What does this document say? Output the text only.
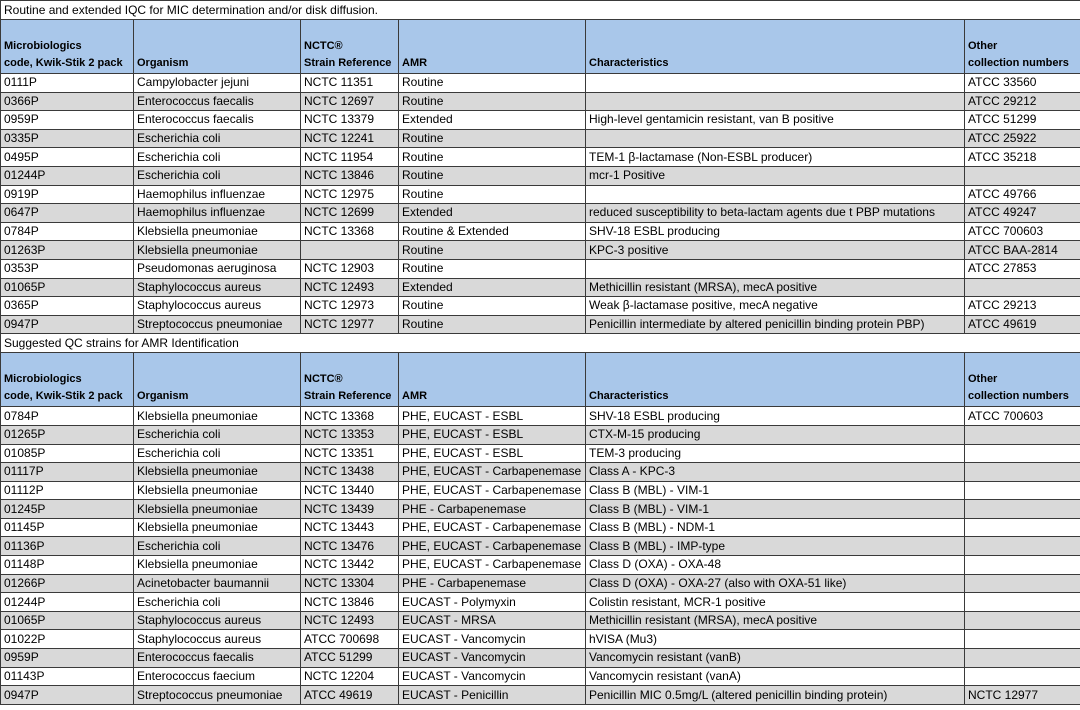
Routine and extended IQC for MIC determination and/or disk diffusion.					

Microbiologics
code, Kwik-Stik 2 pack	Organism	NCTC®
Strain Reference	AMR	Characteristics	Other
collection numbers

0111P	Campylobacter jejuni	NCTC 11351	Routine		ATCC 33560
0366P	Enterococcus faecalis	NCTC 12697	Routine		ATCC 29212
0959P	Enterococcus faecalis	NCTC 13379	Extended	High-level gentamicin resistant, van B positive	ATCC 51299
0335P	Escherichia coli	NCTC 12241	Routine		ATCC 25922
0495P	Escherichia coli	NCTC 11954	Routine	TEM-1 β-lactamase (Non-ESBL producer)	ATCC 35218
01244P	Escherichia coli	NCTC 13846	Routine	mcr-1 Positive	
0919P	Haemophilus influenzae	NCTC 12975	Routine		ATCC 49766
0647P	Haemophilus influenzae	NCTC 12699	Extended	reduced susceptibility to beta-lactam agents due t PBP mutations	ATCC 49247
0784P	Klebsiella pneumoniae	NCTC 13368	Routine & Extended	SHV-18 ESBL producing	ATCC 700603
01263P	Klebsiella pneumoniae		Routine	KPC-3 positive	ATCC BAA-2814
0353P	Pseudomonas aeruginosa	NCTC 12903	Routine		ATCC 27853
01065P	Staphylococcus aureus	NCTC 12493	Extended	Methicillin resistant (MRSA), mecA positive	
0365P	Staphylococcus aureus	NCTC 12973	Routine	Weak β-lactamase positive, mecA negative	ATCC 29213
0947P	Streptococcus pneumoniae	NCTC 12977	Routine	Penicillin intermediate by altered penicillin binding protein PBP)	ATCC 49619
Suggested QC strains for AMR Identification					

Microbiologics
code, Kwik-Stik 2 pack	Organism	NCTC®
Strain Reference	AMR	Characteristics	Other
collection numbers

0784P	Klebsiella pneumoniae	NCTC 13368	PHE, EUCAST - ESBL	SHV-18 ESBL producing	ATCC 700603
01265P	Escherichia coli	NCTC 13353	PHE, EUCAST - ESBL	CTX-M-15 producing	
01085P	Escherichia coli	NCTC 13351	PHE, EUCAST - ESBL	TEM-3 producing	
01117P	Klebsiella pneumoniae	NCTC 13438	PHE, EUCAST - Carbapenemase	Class A - KPC-3	
01112P	Klebsiella pneumoniae	NCTC 13440	PHE, EUCAST - Carbapenemase	Class B (MBL) - VIM-1	
01245P	Klebsiella pneumoniae	NCTC 13439	PHE - Carbapenemase	Class B (MBL) - VIM-1	
01145P	Klebsiella pneumoniae	NCTC 13443	PHE, EUCAST - Carbapenemase	Class B (MBL) - NDM-1	
01136P	Escherichia coli	NCTC 13476	PHE, EUCAST - Carbapenemase	Class B (MBL) - IMP-type	
01148P	Klebsiella pneumoniae	NCTC 13442	PHE, EUCAST - Carbapenemase	Class D (OXA) - OXA-48	
01266P	Acinetobacter baumannii	NCTC 13304	PHE - Carbapenemase	Class D (OXA) - OXA-27 (also with OXA-51 like)	
01244P	Escherichia coli	NCTC 13846	EUCAST - Polymyxin	Colistin resistant, MCR-1 positive	
01065P	Staphylococcus aureus	NCTC 12493	EUCAST - MRSA	Methicillin resistant (MRSA), mecA positive	
01022P	Staphylococcus aureus	ATCC 700698	EUCAST - Vancomycin	hVISA (Mu3)	
0959P	Enterococcus faecalis	ATCC 51299	EUCAST - Vancomycin	Vancomycin resistant (vanB)	
01143P	Enterococcus faecium	NCTC 12204	EUCAST - Vancomycin	Vancomycin resistant (vanA)	
0947P	Streptococcus pneumoniae	ATCC 49619	EUCAST - Penicillin	Penicillin MIC 0.5mg/L (altered penicillin binding protein)	NCTC 12977
